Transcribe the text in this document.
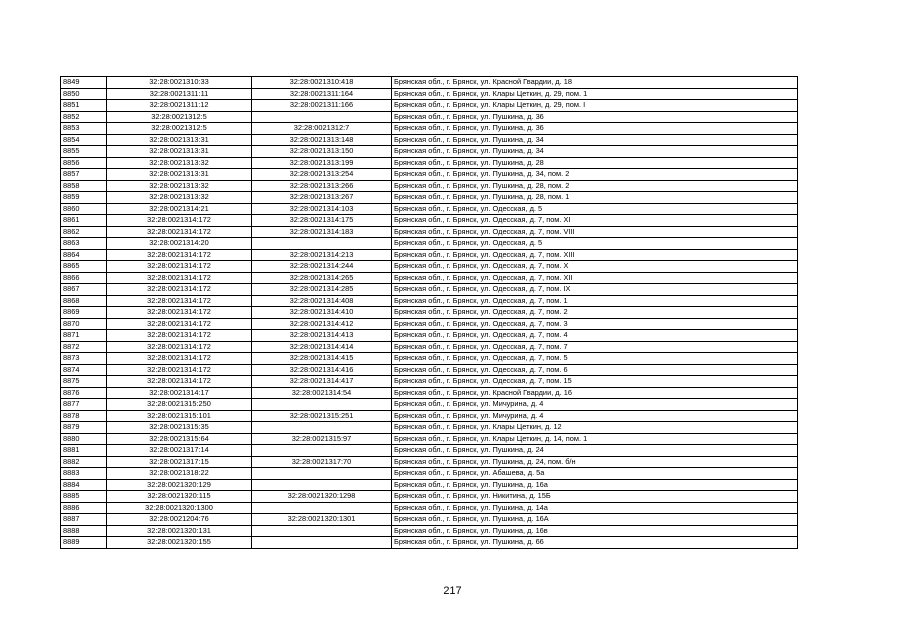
8849	32:28:0021310:33	32:28:0021310:418	Брянская обл., г. Брянск, ул. Красной Гвардии, д. 18
8850	32:28:0021311:11	32:28:0021311:164	Брянская обл., г. Брянск, ул. Клары Цеткин, д. 29, пом. 1
8851	32:28:0021311:12	32:28:0021311:166	Брянская обл., г. Брянск, ул. Клары Цеткин, д. 29, пом. I
8852	32:28:0021312:5		Брянская обл., г. Брянск, ул. Пушкина, д. 36
8853	32:28:0021312:5	32:28:0021312:7	Брянская обл., г. Брянск, ул. Пушкина, д. 36
8854	32:28:0021313:31	32:28:0021313:148	Брянская обл., г. Брянск, ул. Пушкина, д. 34
8855	32:28:0021313:31	32:28:0021313:150	Брянская обл., г. Брянск, ул. Пушкина, д. 34
8856	32:28:0021313:32	32:28:0021313:199	Брянская обл., г. Брянск, ул. Пушкина, д. 28
8857	32:28:0021313:31	32:28:0021313:254	Брянская обл., г. Брянск, ул. Пушкина, д. 34, пом. 2
8858	32:28:0021313:32	32:28:0021313:266	Брянская обл., г. Брянск, ул. Пушкина, д. 28, пом. 2
8859	32:28:0021313:32	32:28:0021313:267	Брянская обл., г. Брянск, ул. Пушкина, д. 28, пом. 1
8860	32:28:0021314:21	32:28:0021314:103	Брянская обл., г. Брянск, ул. Одесская, д. 5
8861	32:28:0021314:172	32:28:0021314:175	Брянская обл., г. Брянск, ул. Одесская, д. 7, пом. XI
8862	32:28:0021314:172	32:28:0021314:183	Брянская обл., г. Брянск, ул. Одесская, д. 7, пом. VIII
8863	32:28:0021314:20		Брянская обл., г. Брянск, ул. Одесская, д. 5
8864	32:28:0021314:172	32:28:0021314:213	Брянская обл., г. Брянск, ул. Одесская, д. 7, пом. XIII
8865	32:28:0021314:172	32:28:0021314:244	Брянская обл., г. Брянск, ул. Одесская, д. 7, пом. X
8866	32:28:0021314:172	32:28:0021314:265	Брянская обл., г. Брянск, ул. Одесская, д. 7, пом. XII
8867	32:28:0021314:172	32:28:0021314:285	Брянская обл., г. Брянск, ул. Одесская, д. 7, пом. IX
8868	32:28:0021314:172	32:28:0021314:408	Брянская обл., г. Брянск, ул. Одесская, д. 7, пом. 1
8869	32:28:0021314:172	32:28:0021314:410	Брянская обл., г. Брянск, ул. Одесская, д. 7, пом. 2
8870	32:28:0021314:172	32:28:0021314:412	Брянская обл., г. Брянск, ул. Одесская, д. 7, пом. 3
8871	32:28:0021314:172	32:28:0021314:413	Брянская обл., г. Брянск, ул. Одесская, д. 7, пом. 4
8872	32:28:0021314:172	32:28:0021314:414	Брянская обл., г. Брянск, ул. Одесская, д. 7, пом. 7
8873	32:28:0021314:172	32:28:0021314:415	Брянская обл., г. Брянск, ул. Одесская, д. 7, пом. 5
8874	32:28:0021314:172	32:28:0021314:416	Брянская обл., г. Брянск, ул. Одесская, д. 7, пом. 6
8875	32:28:0021314:172	32:28:0021314:417	Брянская обл., г. Брянск, ул. Одесская, д. 7, пом. 15
8876	32:28:0021314:17	32:28:0021314:54	Брянская обл., г. Брянск, ул. Красной Гвардии, д. 16
8877	32:28:0021315:250		Брянская обл., г. Брянск, ул. Мичурина, д. 4
8878	32:28:0021315:101	32:28:0021315:251	Брянская обл., г. Брянск, ул. Мичурина, д. 4
8879	32:28:0021315:35		Брянская обл., г. Брянск, ул. Клары Цеткин, д. 12
8880	32:28:0021315:64	32:28:0021315:97	Брянская обл., г. Брянск, ул. Клары Цеткин, д. 14, пом. 1
8881	32:28:0021317:14		Брянская обл., г. Брянск, ул. Пушкина, д. 24
8882	32:28:0021317:15	32:28:0021317:70	Брянская обл., г. Брянск, ул. Пушкина, д. 24, пом. б/н
8883	32:28:0021318:22		Брянская обл., г. Брянск, ул. Абашева, д. 5а
8884	32:28:0021320:129		Брянская обл., г. Брянск, ул. Пушкина, д. 16а
8885	32:28:0021320:115	32:28:0021320:1298	Брянская обл., г. Брянск, ул. Никитина, д. 15Б
8886	32:28:0021320:1300		Брянская обл., г. Брянск, ул. Пушкина, д. 14а
8887	32:28:0021204:76	32:28:0021320:1301	Брянская обл., г. Брянск, ул. Пушкина, д. 16А
8888	32:28:0021320:131		Брянская обл., г. Брянск, ул. Пушкина, д. 16в
8889	32:28:0021320:155		Брянская обл., г. Брянск, ул. Пушкина, д. 66
217
